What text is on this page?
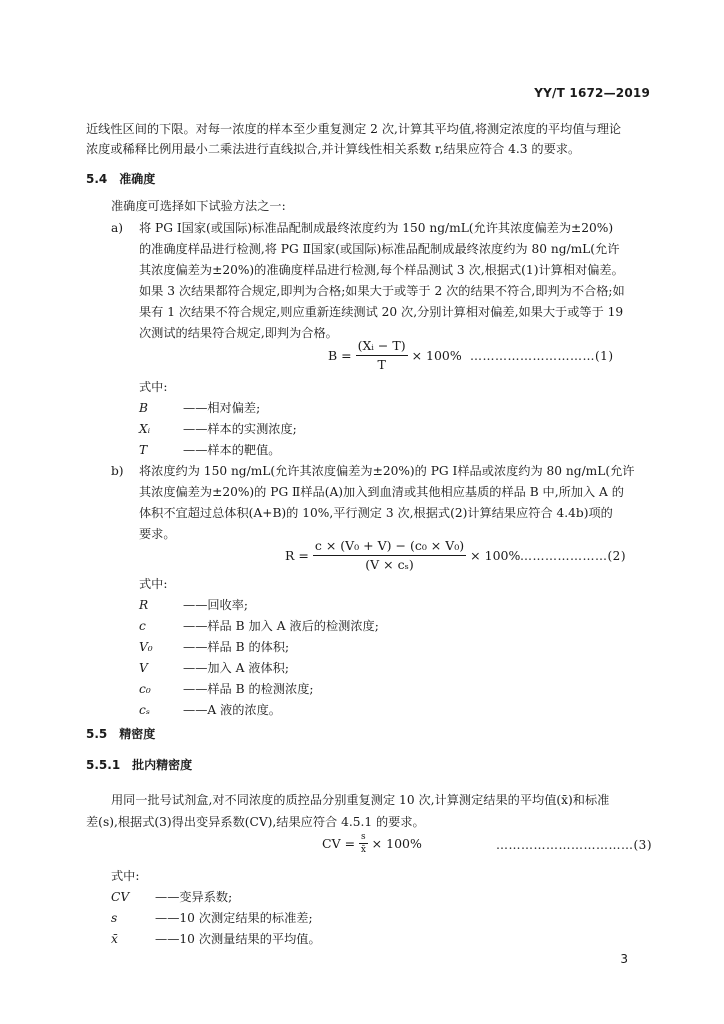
YY/T 1672—2019
近线性区间的下限。对每一浓度的样本至少重复测定 2 次,计算其平均值,将测定浓度的平均值与理论
浓度或稀释比例用最小二乘法进行直线拟合,并计算线性相关系数 r,结果应符合 4.3 的要求。
5.4 准确度
准确度可选择如下试验方法之一:
a) 将 PG Ⅰ国家(或国际)标准品配制成最终浓度约为 150 ng/mL(允许其浓度偏差为±20%)
的准确度样品进行检测,将 PG Ⅱ国家(或国际)标准品配制成最终浓度约为 80 ng/mL(允许
其浓度偏差为±20%)的准确度样品进行检测,每个样品测试 3 次,根据式(1)计算相对偏差。
如果 3 次结果都符合规定,即判为合格;如果大于或等于 2 次的结果不符合,即判为不合格;如
果有 1 次结果不符合规定,则应重新连续测试 20 次,分别计算相对偏差,如果大于或等于 19
次测试的结果符合规定,即判为合格。
$B = \frac{\text{(Xᵢ − T)}}{T} \times 100\%$ …………………………(1)
式中:
B	——相对偏差;
Xᵢ	——样本的实测浓度;
T	——样本的靶值。
b) 将浓度约为 150 ng/mL(允许其浓度偏差为±20%)的 PG Ⅰ样品或浓度约为 80 ng/mL(允许
其浓度偏差为±20%)的 PG Ⅱ样品(A)加入到血清或其他相应基质的样品 B 中,所加入 A 的
体积不宜超过总体积(A+B)的 10%,平行测定 3 次,根据式(2)计算结果应符合 4.4b)项的
要求。
$R = \frac{\text{c × (V₀ + V) − (c₀ × V₀)}}{\text{(V × cₛ)}} \times 100\%$ …………………(2)
式中:
R	——回收率;
c	——样品 B 加入 A 液后的检测浓度;
V₀ ——样品 B 的体积;
V	——加入 A 液体积;
c₀	——样品 B 的检测浓度;
cₛ	——A 液的浓度。
5.5 精密度
5.5.1 批内精密度
用同一批号试剂盒,对不同浓度的质控品分别重复测定 10 次,计算测定结果的平均值(x̄)和标准
差(s),根据式(3)得出变异系数(CV),结果应符合 4.5.1 的要求。
CV = $\frac{s}{x̄} \times 100\%$	……………………………(3)
式中:
CV ——变异系数;
s	——10 次测定结果的标准差;
x̄	——10 次测量结果的平均值。
3
